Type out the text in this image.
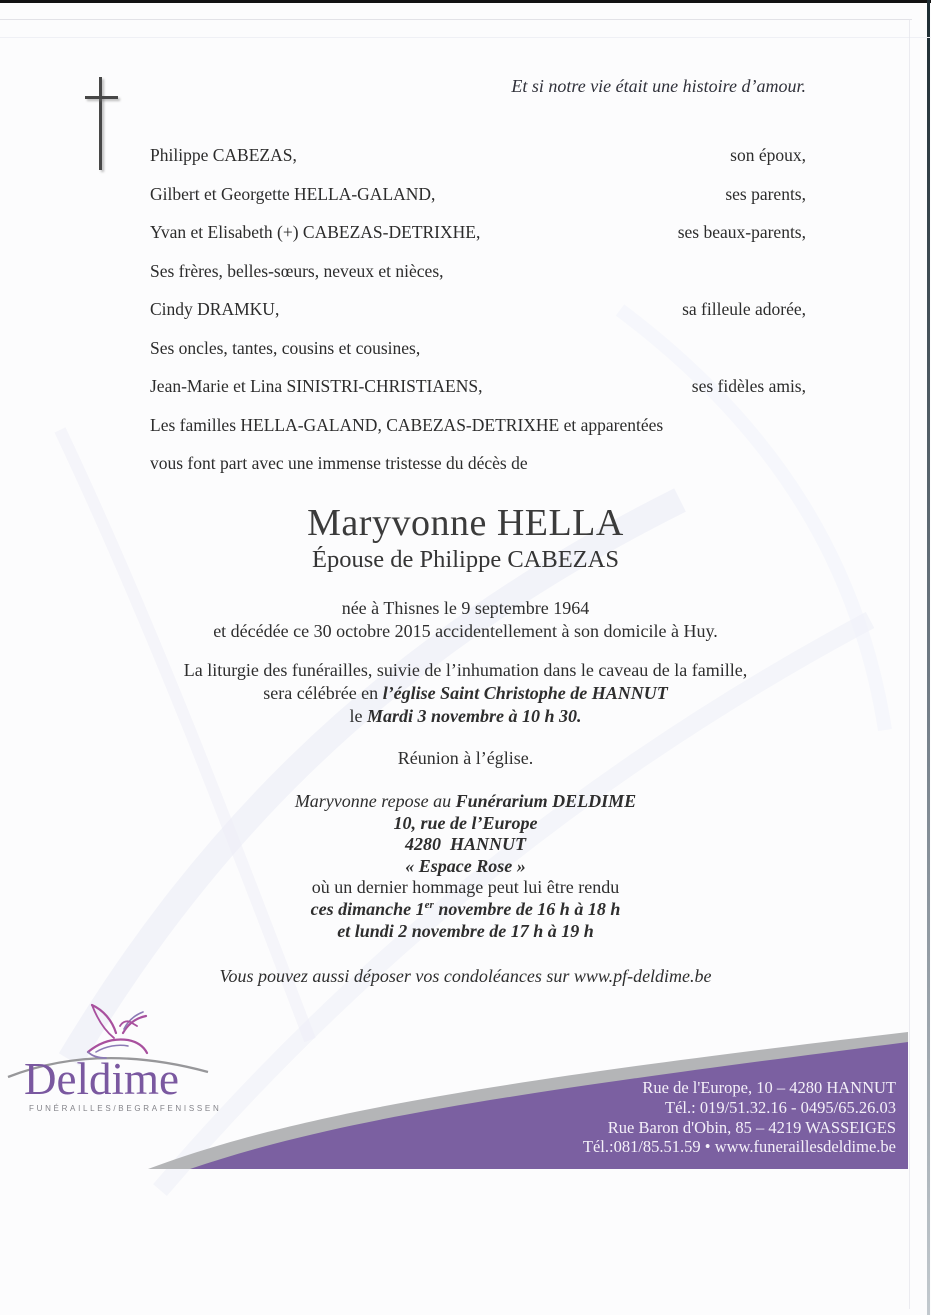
Et si notre vie était une histoire d’amour.
Philippe CABEZAS,	son époux,
Gilbert et Georgette HELLA-GALAND,	ses parents,
Yvan et Elisabeth (+) CABEZAS-DETRIXHE,	ses beaux-parents,
Ses frères, belles-sœurs, neveux et nièces,
Cindy DRAMKU,	sa filleule adorée,
Ses oncles, tantes, cousins et cousines,
Jean-Marie et Lina SINISTRI-CHRISTIAENS,	ses fidèles amis,
Les familles HELLA-GALAND, CABEZAS-DETRIXHE et apparentées
vous font part avec une immense tristesse du décès de
Maryvonne HELLA
Épouse de Philippe CABEZAS
née à Thisnes le 9 septembre 1964
et décédée ce 30 octobre 2015 accidentellement à son domicile à Huy.
La liturgie des funérailles, suivie de l’inhumation dans le caveau de la famille,
sera célébrée en l’église Saint Christophe de HANNUT
le Mardi 3 novembre à 10 h 30.
Réunion à l’église.
Maryvonne repose au Funérarium DELDIME
10, rue de l’Europe
4280  HANNUT
« Espace Rose »
où un dernier hommage peut lui être rendu
ces dimanche 1er novembre de 16 h à 18 h
et lundi 2 novembre de 17 h à 19 h
Vous pouvez aussi déposer vos condoléances sur www.pf-deldime.be
Deldime
FUNÉRAILLES/BEGRAFENISSEN
Rue de l'Europe, 10 – 4280 HANNUT
Tél.: 019/51.32.16 - 0495/65.26.03
Rue Baron d'Obin, 85 – 4219 WASSEIGES
Tél.:081/85.51.59 • www.funeraillesdeldime.be
